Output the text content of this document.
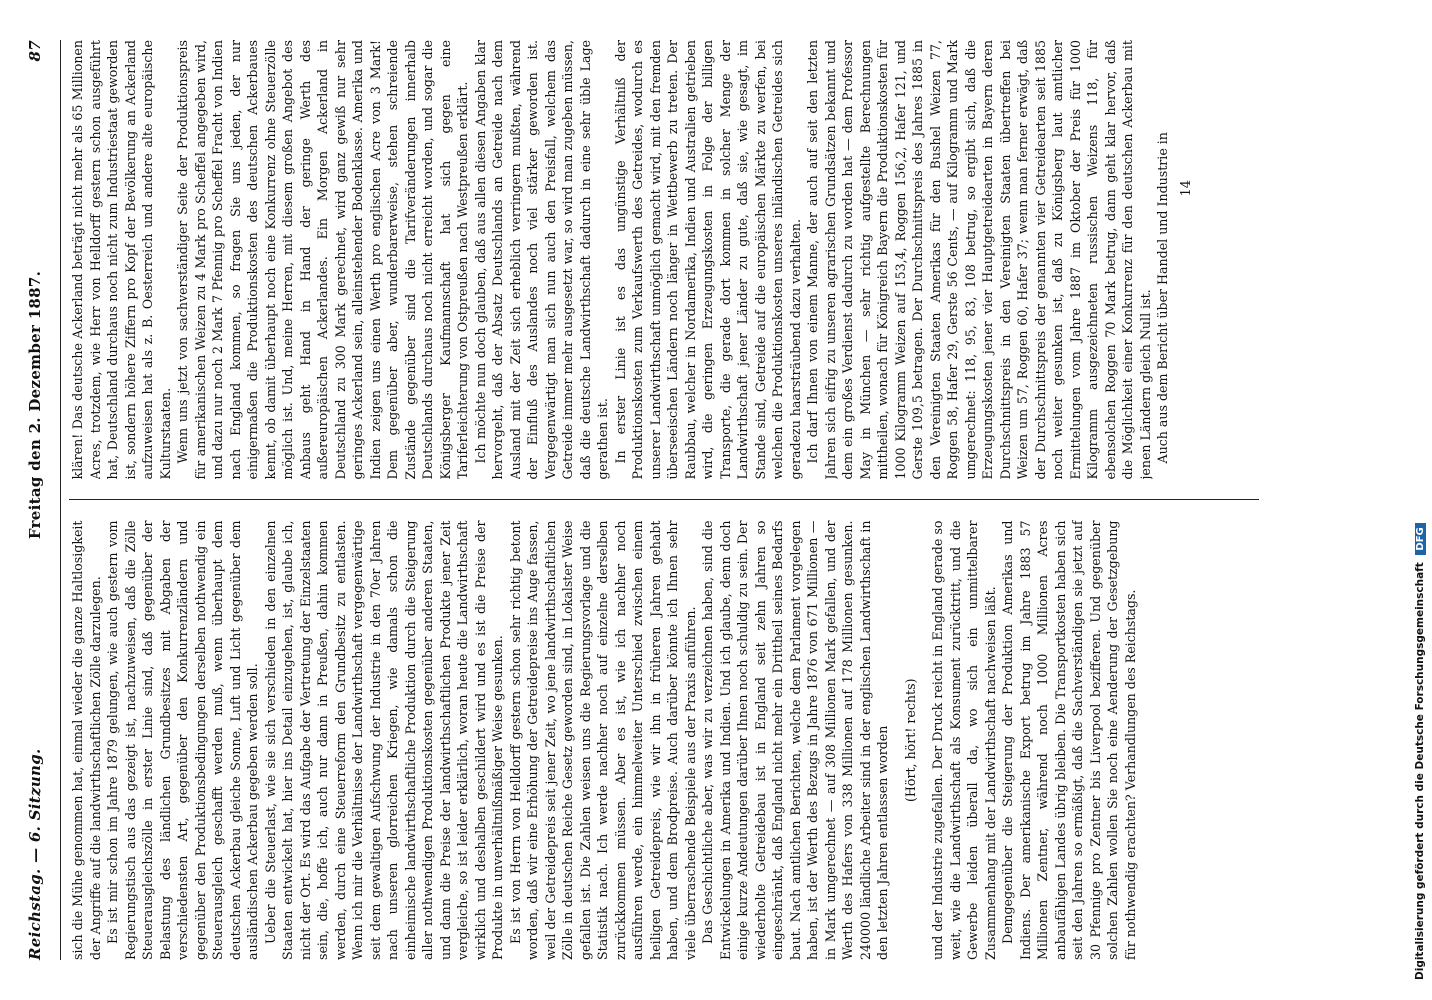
Reichstag. — 6. Sitzung.
Freitag den 2. Dezember 1887.
87

sich die Mühe genommen hat, einmal wieder die ganze Haltlosigkeit der Angriffe auf die landwirthschaftlichen Zölle darzulegen. Es ist mir schon im Jahre 1879 gelungen, wie auch gestern vom Regierungstisch aus das gezeigt ist, nachzuweisen, daß die Zölle Steuerausgleichszölle in erster Linie sind, daß gegenüber der Belastung des ländlichen Grundbesitzes mit Abgaben der verschiedensten Art, gegenüber den Konkurrenzländern und gegenüber den Produktionsbedingungen derselben nothwendig ein Steuerausgleich geschafft werden muß, wenn überhaupt dem deutschen Ackerbau gleiche Sonne, Luft und Licht gegenüber dem ausländischen Ackerbau gegeben werden soll. Ueber die Steuerlast, wie sie sich verschieden in den einzelnen Staaten entwickelt hat, hier ins Detail einzugehen, ist, glaube ich, nicht der Ort. Es wird das Aufgabe der Vertretung der Einzelstaaten sein, die, hoffe ich, auch nur dann in Preußen, dahin kommen werden, durch eine Steuerreform den Grundbesitz zu entlasten. Wenn ich mir die Verhältnisse der Landwirthschaft vergegenwärtige seit dem gewaltigen Aufschwung der Industrie in den 70er Jahren nach unseren glorreichen Kriegen, wie damals schon die einheimische landwirthschaftliche Produktion durch die Steigerung aller nothwendigen Produktionskosten gegenüber anderen Staaten, und dann die Preise der landwirthschaftlichen Produkte jener Zeit vergleiche, so ist leider erklärlich, woran heute die Landwirthschaft wirklich und deshalben geschildert wird und es ist die Preise der Produkte in unverhältnißmäßiger Weise gesunken. Es ist von Herrn von Helldorff gestern schon sehr richtig betont worden, daß wir eine Erhöhung der Getreidepreise ins Auge fassen, weil der Getreidepreis seit jener Zeit, wo jene landwirthschaftlichen Zölle in deutschen Reiche Gesetz geworden sind, in Lokalster Weise gefallen ist. Die Zahlen weisen uns die Regierungsvorlage und die Statistik nach. Ich werde nachher noch auf einzelne derselben zurückkommen müssen. Aber es ist, wie ich nachher noch ausführen werde, ein himmelweiter Unterschied zwischen einem heiligen Getreidepreis, wie wir ihn in früheren Jahren gehabt haben, und dem Brodpreise. Auch darüber könnte ich Ihnen sehr viele überraschende Beispiele aus der Praxis anführen. Das Geschichtliche aber, was wir zu verzeichnen haben, sind die Entwickelungen in Amerika und Indien. Und ich glaube, denn doch einige kurze Andeutungen darüber Ihnen noch schuldig zu sein. Der wiederholte Getreidebau ist in England seit zehn Jahren so eingeschränkt, daß England nicht mehr ein Drittheil seines Bedarfs baut. Nach amtlichen Berichten, welche dem Parlament vorgelegen haben, ist der Werth des Bezugs in Jahre 1876 von 671 Millionen — in Mark umgerechnet — auf 308 Millionen Mark gefallen, und der Werth des Hafers von 338 Millionen auf 178 Millionen gesunken. 240000 ländliche Arbeiter sind in der englischen Landwirthschaft in den letzten Jahren entlassen worden (Hört, hört! rechts) und der Industrie zugefallen. Der Druck reicht in England gerade so weit, wie die Landwirthschaft als Konsument zurücktritt, und die Gewerbe leiden überall da, wo sich ein unmittelbarer Zusammenhang mit der Landwirthschaft nachweisen läßt. Demgegenüber die Steigerung der Produktion Amerikas und Indiens. Der amerikanische Export betrug im Jahre 1883 57 Millionen Zentner, während noch 1000 Millionen Acres anbaufähigen Landes übrig bleiben. Die Transportkosten haben sich seit den Jahren so ermäßigt, daß die Sachverständigen sie jetzt auf 30 Pfennige pro Zentner bis Liverpool bezifferen. Und gegenüber solchen Zahlen wollen Sie noch eine Aenderung der Gesetzgebung für nothwendig erachten? Verhandlungen des Reichstags.

klären! Das deutsche Ackerland beträgt nicht mehr als 65 Millionen Acres, trotzdem, wie Herr von Helldorff gestern schon ausgeführt hat, Deutschland durchaus noch nicht zum Industriestaat geworden ist, sondern höhere Ziffern pro Kopf der Bevölkerung an Ackerland aufzuweisen hat als z. B. Oesterreich und andere alte europäische Kulturstaaten. Wenn uns jetzt von sachverständiger Seite der Produktionspreis für amerikanischen Weizen zu 4 Mark pro Scheffel angegeben wird, und dazu nur noch 2 Mark 7 Pfennig pro Scheffel Fracht von Indien nach England kommen, so fragen Sie uns jeden, der nur einigermaßen die Produktionskosten des deutschen Ackerbaues kennt, ob damit überhaupt noch eine Konkurrenz ohne Steuerzölle möglich ist. Und, meine Herren, mit diesem großen Angebot des Anbaus geht Hand in Hand der geringe Werth des außereuropäischen Ackerlandes. Ein Morgen Ackerland in Deutschland zu 300 Mark gerechnet, wird ganz gewiß nur sehr geringes Ackerland sein, alleinstehender Bodenklasse. Amerika und Indien zeigen uns einen Werth pro englischen Acre von 3 Mark! Dem gegenüber aber, wunderbarerweise, stehen schreiende Zustände gegenüber sind die Tarifveränderungen innerhalb Deutschlands durchaus noch nicht erreicht worden, und sogar die Königsberger Kaufmannschaft hat sich gegen eine Tariferleichterung von Ostpreußen nach Westpreußen erklärt. Ich möchte nun doch glauben, daß aus allen diesen Angaben klar hervorgeht, daß der Absatz Deutschlands an Getreide nach dem Ausland mit der Zeit sich erheblich verringern mußten, während der Einfluß des Auslandes noch viel stärker geworden ist. Vergegenwärtigt man sich nun auch den Preisfall, welchem das Getreide immer mehr ausgesetzt war, so wird man zugeben müssen, daß die deutsche Landwirthschaft dadurch in eine sehr üble Lage gerathen ist. In erster Linie ist es das ungünstige Verhältniß der Produktionskosten zum Verkaufswerth des Getreides, wodurch es unserer Landwirthschaft unmöglich gemacht wird, mit den fremden überseeischen Ländern noch länger in Wettbewerb zu treten. Der Raubbau, welcher in Nordamerika, Indien und Australien getrieben wird, die geringen Erzeugungskosten in Folge der billigen Transporte, die gerade dort kommen in solcher Menge der Landwirthschaft jener Länder zu gute, daß sie, wie gesagt, im Stande sind, Getreide auf die europäischen Märkte zu werfen, bei welchen die Produktionskosten unseres inländischen Getreides sich geradezu haarsträubend dazu verhalten. Ich darf Ihnen von einem Manne, der auch auf seit den letzten Jahren sich eifrig zu unseren agrarischen Grundsätzen bekannt und dem ein großes Verdienst dadurch zu worden hat — dem Professor May in München — sehr richtig aufgestellte Berechnungen mittheilen, wonach für Königreich Bayern die Produktionskosten für 1000 Kilogramm Weizen auf 153,4, Roggen 156,2, Hafer 121, und Gerste 109,5 betragen. Der Durchschnittspreis des Jahres 1885 in den Vereinigten Staaten Amerikas für den Bushel Weizen 77, Roggen 58, Hafer 29, Gerste 56 Cents, — auf Kilogramm und Mark umgerechnet: 118, 95, 83, 108 betrug, so ergibt sich, daß die Erzeugungskosten jener vier Hauptgetreidearten in Bayern deren Durchschnittspreis in den Vereinigten Staaten übertreffen bei Weizen um 57, Roggen 60, Hafer 37; wenn man ferner erwägt, daß der Durchschnittspreis der genannten vier Getreidearten seit 1885 noch weiter gesunken ist, daß zu Königsberg laut amtlicher Ermittelungen vom Jahre 1887 im Oktober der Preis für 1000 Kilogramm ausgezeichneten russischen Weizens 118, für ebensolchen Roggen 70 Mark betrug, dann geht klar hervor, daß die Möglichkeit einer Konkurrenz für den deutschen Ackerbau mit jenen Ländern gleich Null ist. Auch aus dem Bericht über Handel und Industrie in 14
Digitalisierung gefördert durch die Deutsche Forschungsgemeinschaft DFG
